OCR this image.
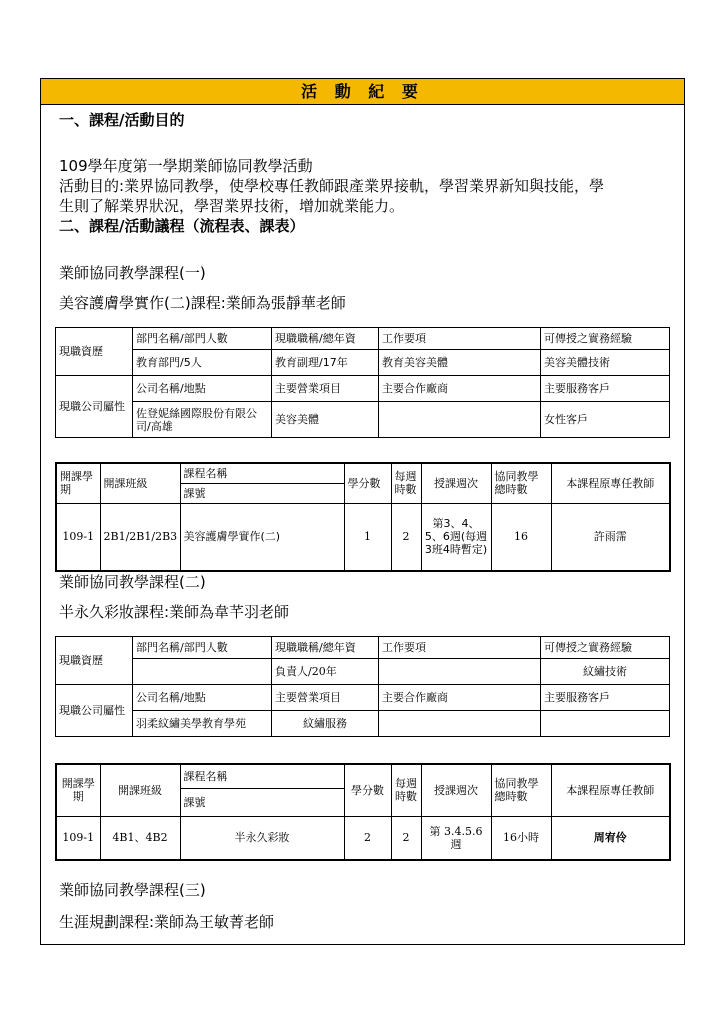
活 動 紀 要
一、課程/活動目的
109學年度第一學期業師協同教學活動
活動目的:業界協同教學，使學校專任教師跟產業界接軌，學習業界新知與技能，學
生則了解業界狀況，學習業界技術，增加就業能力。
二、課程/活動議程（流程表、課表）
業師協同教學課程(一)
美容護膚學實作(二)課程:業師為張靜華老師
現職資歷	部門名稱/部門人數	現職職稱/總年資	工作要項	可傳授之實務經驗
	教育部門/5人	教育副理/17年	教育美容美體	美容美體技術
現職公司屬性	公司名稱/地點	主要營業項目	主要合作廠商	主要服務客戶
	佐登妮絲國際股份有限公司/高雄	美容美體		女性客戶
開課學期	開課班級	課程名稱	學分數	每週時數	授課週次	協同教學總時數	本課程原專任教師
		課號					
109-1	2B1/2B1/2B3	美容護膚學實作(二)	1	2	第3、4、5、6週(每週3班4時暫定)	16	許雨霈
業師協同教學課程(二)
半永久彩妝課程:業師為韋芊羽老師
現職資歷	部門名稱/部門人數	現職職稱/總年資	工作要項	可傳授之實務經驗
		負責人/20年		紋繡技術
現職公司屬性	公司名稱/地點	主要營業項目	主要合作廠商	主要服務客戶
	羽柔紋繡美學教育學苑	紋繡服務		
開課學期	開課班級	課程名稱	學分數	每週時數	授課週次	協同教學總時數	本課程原專任教師
		課號					
109-1	4B1、4B2	半永久彩妝	2	2	第 3.4.5.6 週	16小時	周宥伶
業師協同教學課程(三)
生涯規劃課程:業師為王敏菁老師
